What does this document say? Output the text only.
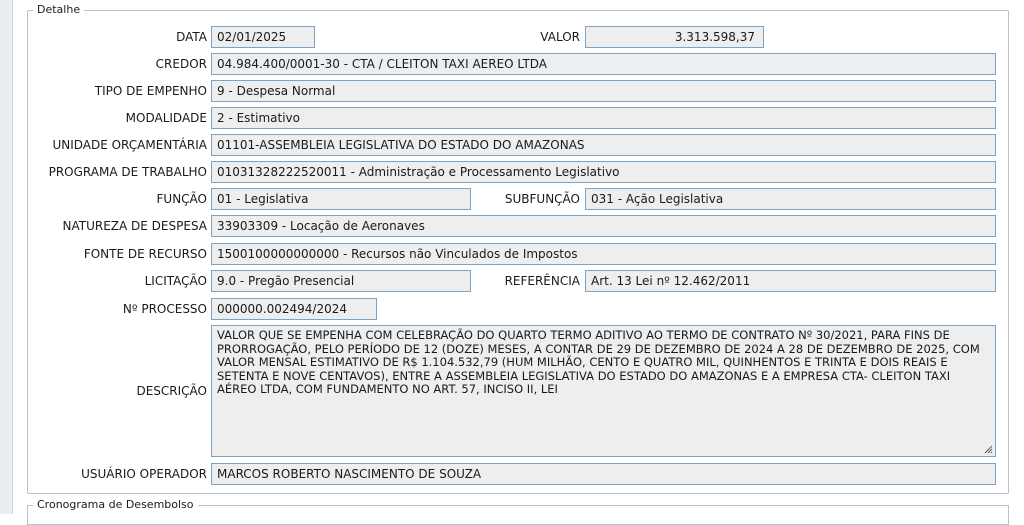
Detalhe
DATA 02/01/2025	VALOR	3.313.598,37
CREDOR 04.984.400/0001-30 - CTA / CLEITON TAXI AEREO LTDA
TIPO DE EMPENHO 9 - Despesa Normal
MODALIDADE 2 - Estimativo
UNIDADE ORÇAMENTÁRIA 01101-ASSEMBLEIA LEGISLATIVA DO ESTADO DO AMAZONAS
PROGRAMA DE TRABALHO 01031328222520011 - Administração e Processamento Legislativo
FUNÇÃO 01 - Legislativa	SUBFUNÇÃO 031 - Ação Legislativa
NATUREZA DE DESPESA 33903309 - Locação de Aeronaves
FONTE DE RECURSO 1500100000000000 - Recursos não Vinculados de Impostos
LICITAÇÃO 9.0 - Pregão Presencial	REFERÊNCIA Art. 13 Lei nº 12.462/2011
Nº PROCESSO 000000.002494/2024
DESCRIÇÃO
VALOR QUE SE EMPENHA COM CELEBRAÇÃO DO QUARTO TERMO ADITIVO AO TERMO DE CONTRATO Nº 30/2021, PARA FINS DE PRORROGAÇÃO, PELO PERÍODO DE 12 (DOZE) MESES, A CONTAR DE 29 DE DEZEMBRO DE 2024 A 28 DE DEZEMBRO DE 2025, COM VALOR MENSAL ESTIMATIVO DE R$ 1.104.532,79 (HUM MILHÃO, CENTO E QUATRO MIL, QUINHENTOS E TRINTA E DOIS REAIS E SETENTA E NOVE CENTAVOS), ENTRE A ASSEMBLEIA LEGISLATIVA DO ESTADO DO AMAZONAS E A EMPRESA CTA- CLEITON TAXI AÉREO LTDA, COM FUNDAMENTO NO ART. 57, INCISO II, LEI
USUÁRIO OPERADOR MARCOS ROBERTO NASCIMENTO DE SOUZA
Cronograma de Desembolso
